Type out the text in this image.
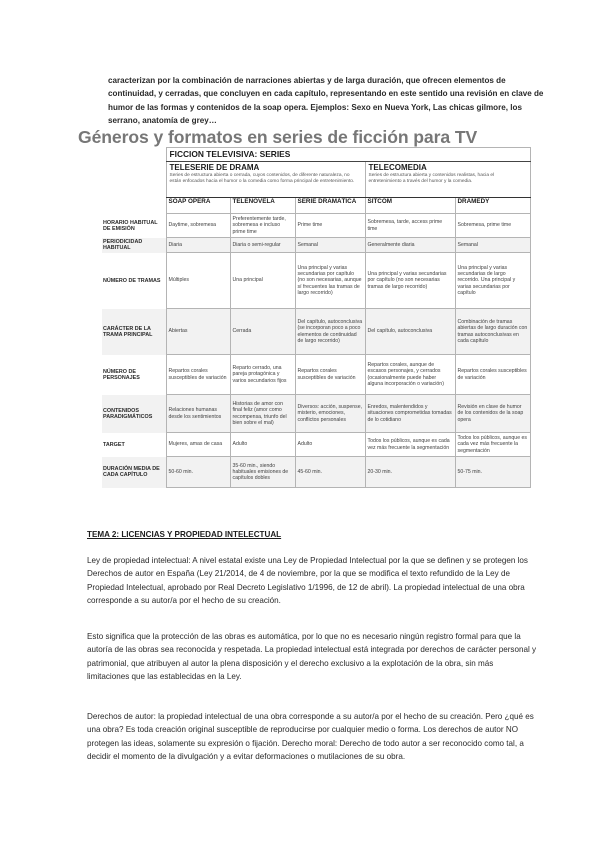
caracterizan por la combinación de narraciones abiertas y de larga duración, que ofrecen elementos de continuidad, y cerradas, que concluyen en cada capítulo, representando en este sentido una revisión en clave de humor de las formas y contenidos de la soap opera. Ejemplos: Sexo en Nueva York, Las chicas gilmore, los serrano, anatomía de grey…

Géneros y formatos en series de ficción para TV
	FICCION TELEVISIVA: SERIES				

	TELESERIE DE DRAMA
Series de estructura abierta o cerrada, cuyos contenidos, de diferente naturaleza, no están enfocados hacia el humor o la comedia como forma principal de entretenimiento.			TELECOMEDIA
Series de estructura abierta y contenidos realistas, hacia el entretenimiento a través del humor y la comedia.	

	SOAP OPERA	TELENOVELA	SERIE DRAMÁTICA	SITCOM	DRAMEDY
HORARIO HABITUAL DE EMISIÓN	Daytime, sobremesa	Preferentemente tarde, sobremesa e incluso prime time	Prime time	Sobremesa, tarde, access prime time	Sobremesa, prime time
PERIODICIDAD HABITUAL	Diaria	Diaria o semi-regular	Semanal	Generalmente diaria	Semanal
NÚMERO DE TRAMAS	Múltiples	Una principal	Una principal y varias secundarias por capítulo (no son necesarias, aunque sí frecuentes las tramas de largo recorrido)	Una principal y varias secundarias por capítulo (no son necesarias tramas de largo recorrido)	Una principal y varias secundarias de largo recorrido. Una principal y varias secundarias por capítulo
CARÁCTER DE LA TRAMA PRINCIPAL	Abiertas	Cerrada	Del capítulo, autoconclusiva (se incorporan poco a poco elementos de continuidad de largo recorrido)	Del capítulo, autoconclusiva	Combinación de tramas abiertas de largo duración con tramas autoconclusivas en cada capítulo
NÚMERO DE PERSONAJES	Repartos corales susceptibles de variación	Reparto cerrado, una pareja protagónica y varios secundarios fijos	Repartos corales susceptibles de variación	Repartos corales, aunque de escasos personajes, y cerrados (ocasionalmente puede haber alguna incorporación o variación)	Repartos corales susceptibles de variación
CONTENIDOS PARADIGMÁTICOS	Relaciones humanas desde los sentimientos	Historias de amor con final feliz (amor como recompensa, triunfo del bien sobre el mal)	Diversos: acción, suspense, misterio, emociones, conflictos personales	Enredos, malentendidos y situaciones comprometidas tomadas de lo cotidiano	Revisión en clave de humor de los contenidos de la soap opera
TARGET	Mujeres, amas de casa	Adulto	Adulto	Todos los públicos, aunque es cada vez más frecuente la segmentación	Todos los públicos, aunque es cada vez más frecuente la segmentación
DURACIÓN MEDIA DE CADA CAPÍTULO	50-60 min.	35-60 min., siendo habituales emisiones de capítulos dobles	45-60 min.	20-30 min.	50-75 min.
TEMA 2: LICENCIAS Y PROPIEDAD INTELECTUAL

Ley de propiedad intelectual: A nivel estatal existe una Ley de Propiedad Intelectual por la que se definen y se protegen los Derechos de autor en España (Ley 21/2014, de 4 de noviembre, por la que se modifica el texto refundido de la Ley de Propiedad Intelectual, aprobado por Real Decreto Legislativo 1/1996, de 12 de abril). La propiedad intelectual de una obra corresponde a su autor/a por el hecho de su creación.

Esto significa que la protección de las obras es automática, por lo que no es necesario ningún registro formal para que la autoría de las obras sea reconocida y respetada. La propiedad intelectual está integrada por derechos de carácter personal y patrimonial, que atribuyen al autor la plena disposición y el derecho exclusivo a la explotación de la obra, sin más limitaciones que las establecidas en la Ley.

Derechos de autor: la propiedad intelectual de una obra corresponde a su autor/a por el hecho de su creación. Pero ¿qué es una obra? Es toda creación original susceptible de reproducirse por cualquier medio o forma. Los derechos de autor NO protegen las ideas, solamente su expresión o fijación. Derecho moral: Derecho de todo autor a ser reconocido como tal, a decidir el momento de la divulgación y a evitar deformaciones o mutilaciones de su obra.
